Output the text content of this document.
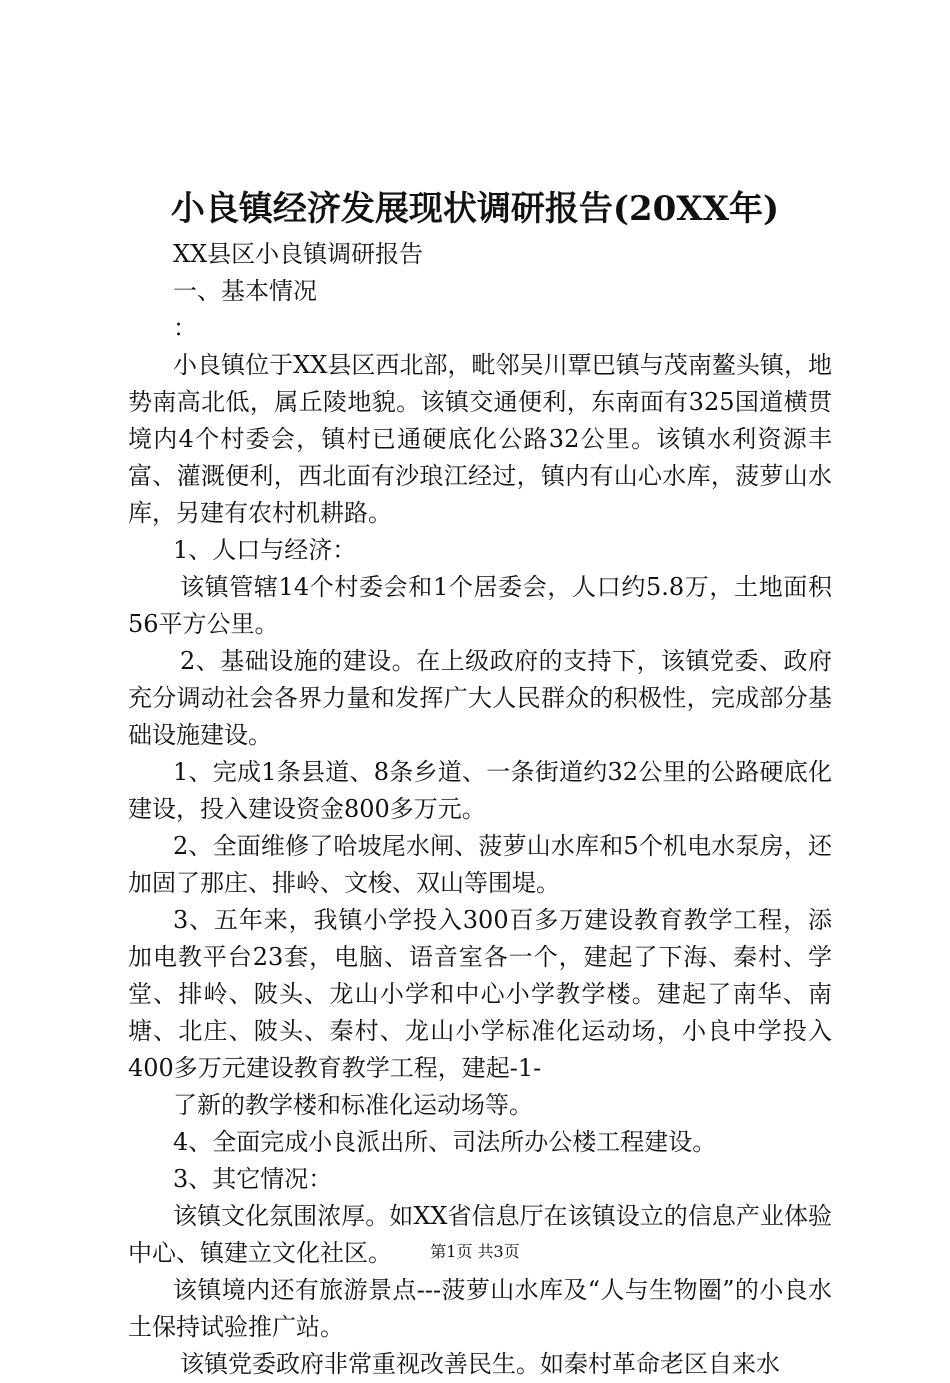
小良镇经济发展现状调研报告(20XX年)

XX县区小良镇调研报告

一、基本情况

：

小良镇位于XX县区西北部，毗邻吴川覃巴镇与茂南鳌头镇，地势南高北低，属丘陵地貌。该镇交通便利，东南面有325国道横贯境内4个村委会，镇村已通硬底化公路32公里。该镇水利资源丰富、灌溉便利，西北面有沙琅江经过，镇内有山心水库，菠萝山水库，另建有农村机耕路。

1、人口与经济：

该镇管辖14个村委会和1个居委会，人口约5.8万，土地面积56平方公里。

2、基础设施的建设。在上级政府的支持下，该镇党委、政府充分调动社会各界力量和发挥广大人民群众的积极性，完成部分基础设施建设。

1、完成1条县道、8条乡道、一条街道约32公里的公路硬底化建设，投入建设资金800多万元。

2、全面维修了哈坡尾水闸、菠萝山水库和5个机电水泵房，还加固了那庄、排岭、文梭、双山等围堤。

3、五年来，我镇小学投入300百多万建设教育教学工程，添加电教平台23套，电脑、语音室各一个，建起了下海、秦村、学堂、排岭、陂头、龙山小学和中心小学教学楼。建起了南华、南塘、北庄、陂头、秦村、龙山小学标准化运动场，小良中学投入400多万元建设教育教学工程，建起-1-

了新的教学楼和标准化运动场等。

4、全面完成小良派出所、司法所办公楼工程建设。

3、其它情况：

该镇文化氛围浓厚。如XX省信息厅在该镇设立的信息产业体验中心、镇建立文化社区。

该镇境内还有旅游景点---菠萝山水库及“人与生物圈”的小良水土保持试验推广站。

该镇党委政府非常重视改善民生。如秦村革命老区自来水

第1页 共3页
